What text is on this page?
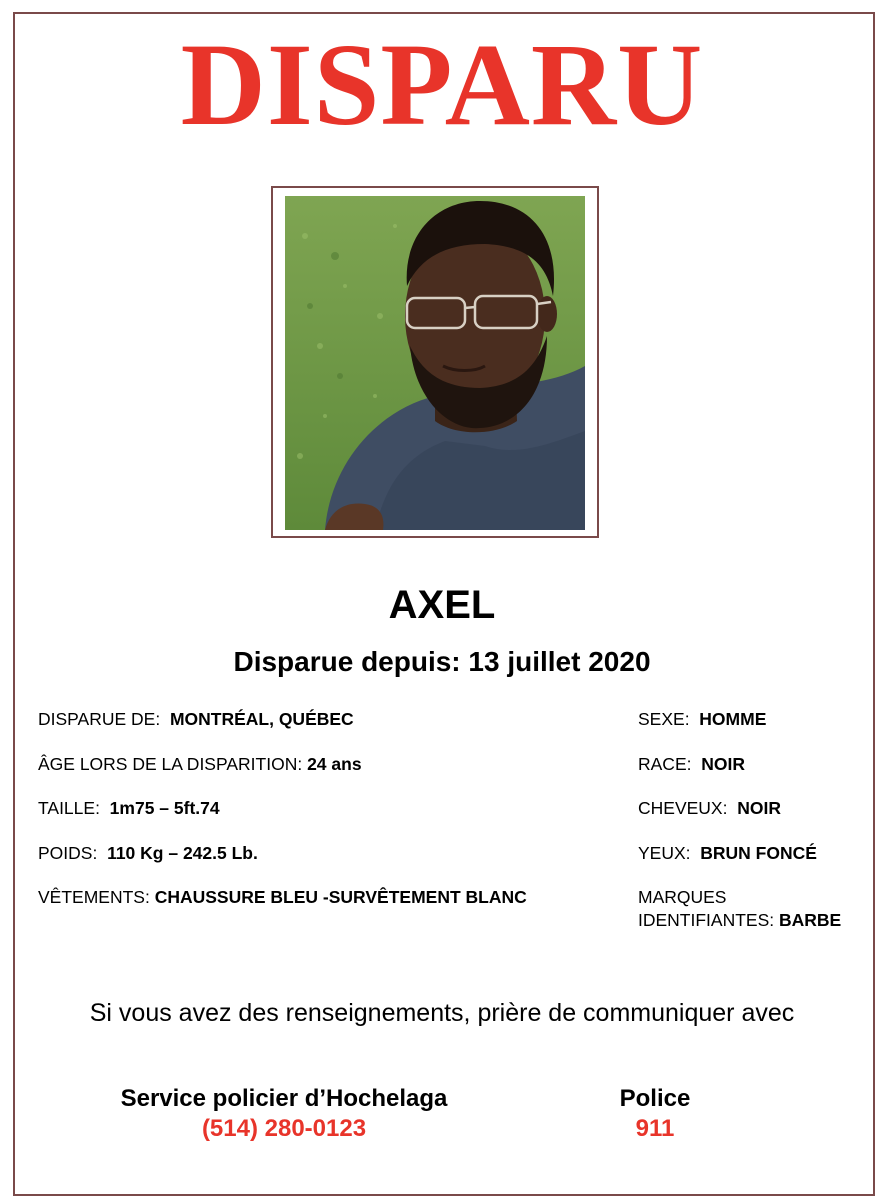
DISPARU
AXEL
Disparue depuis: 13 juillet 2020
DISPARUE DE: MONTRÉAL, QUÉBEC
ÂGE LORS DE LA DISPARITION: 24 ans
TAILLE: 1m75 – 5ft.74
POIDS: 110 Kg – 242.5 Lb.
VÊTEMENTS: CHAUSSURE BLEU -SURVÊTEMENT BLANC
SEXE: HOMME
RACE: NOIR
CHEVEUX: NOIR
YEUX: BRUN FONCÉ
MARQUES
IDENTIFIANTES: BARBE
Si vous avez des renseignements, prière de communiquer avec
Service policier d’Hochelaga
(514) 280-0123
Police
911
